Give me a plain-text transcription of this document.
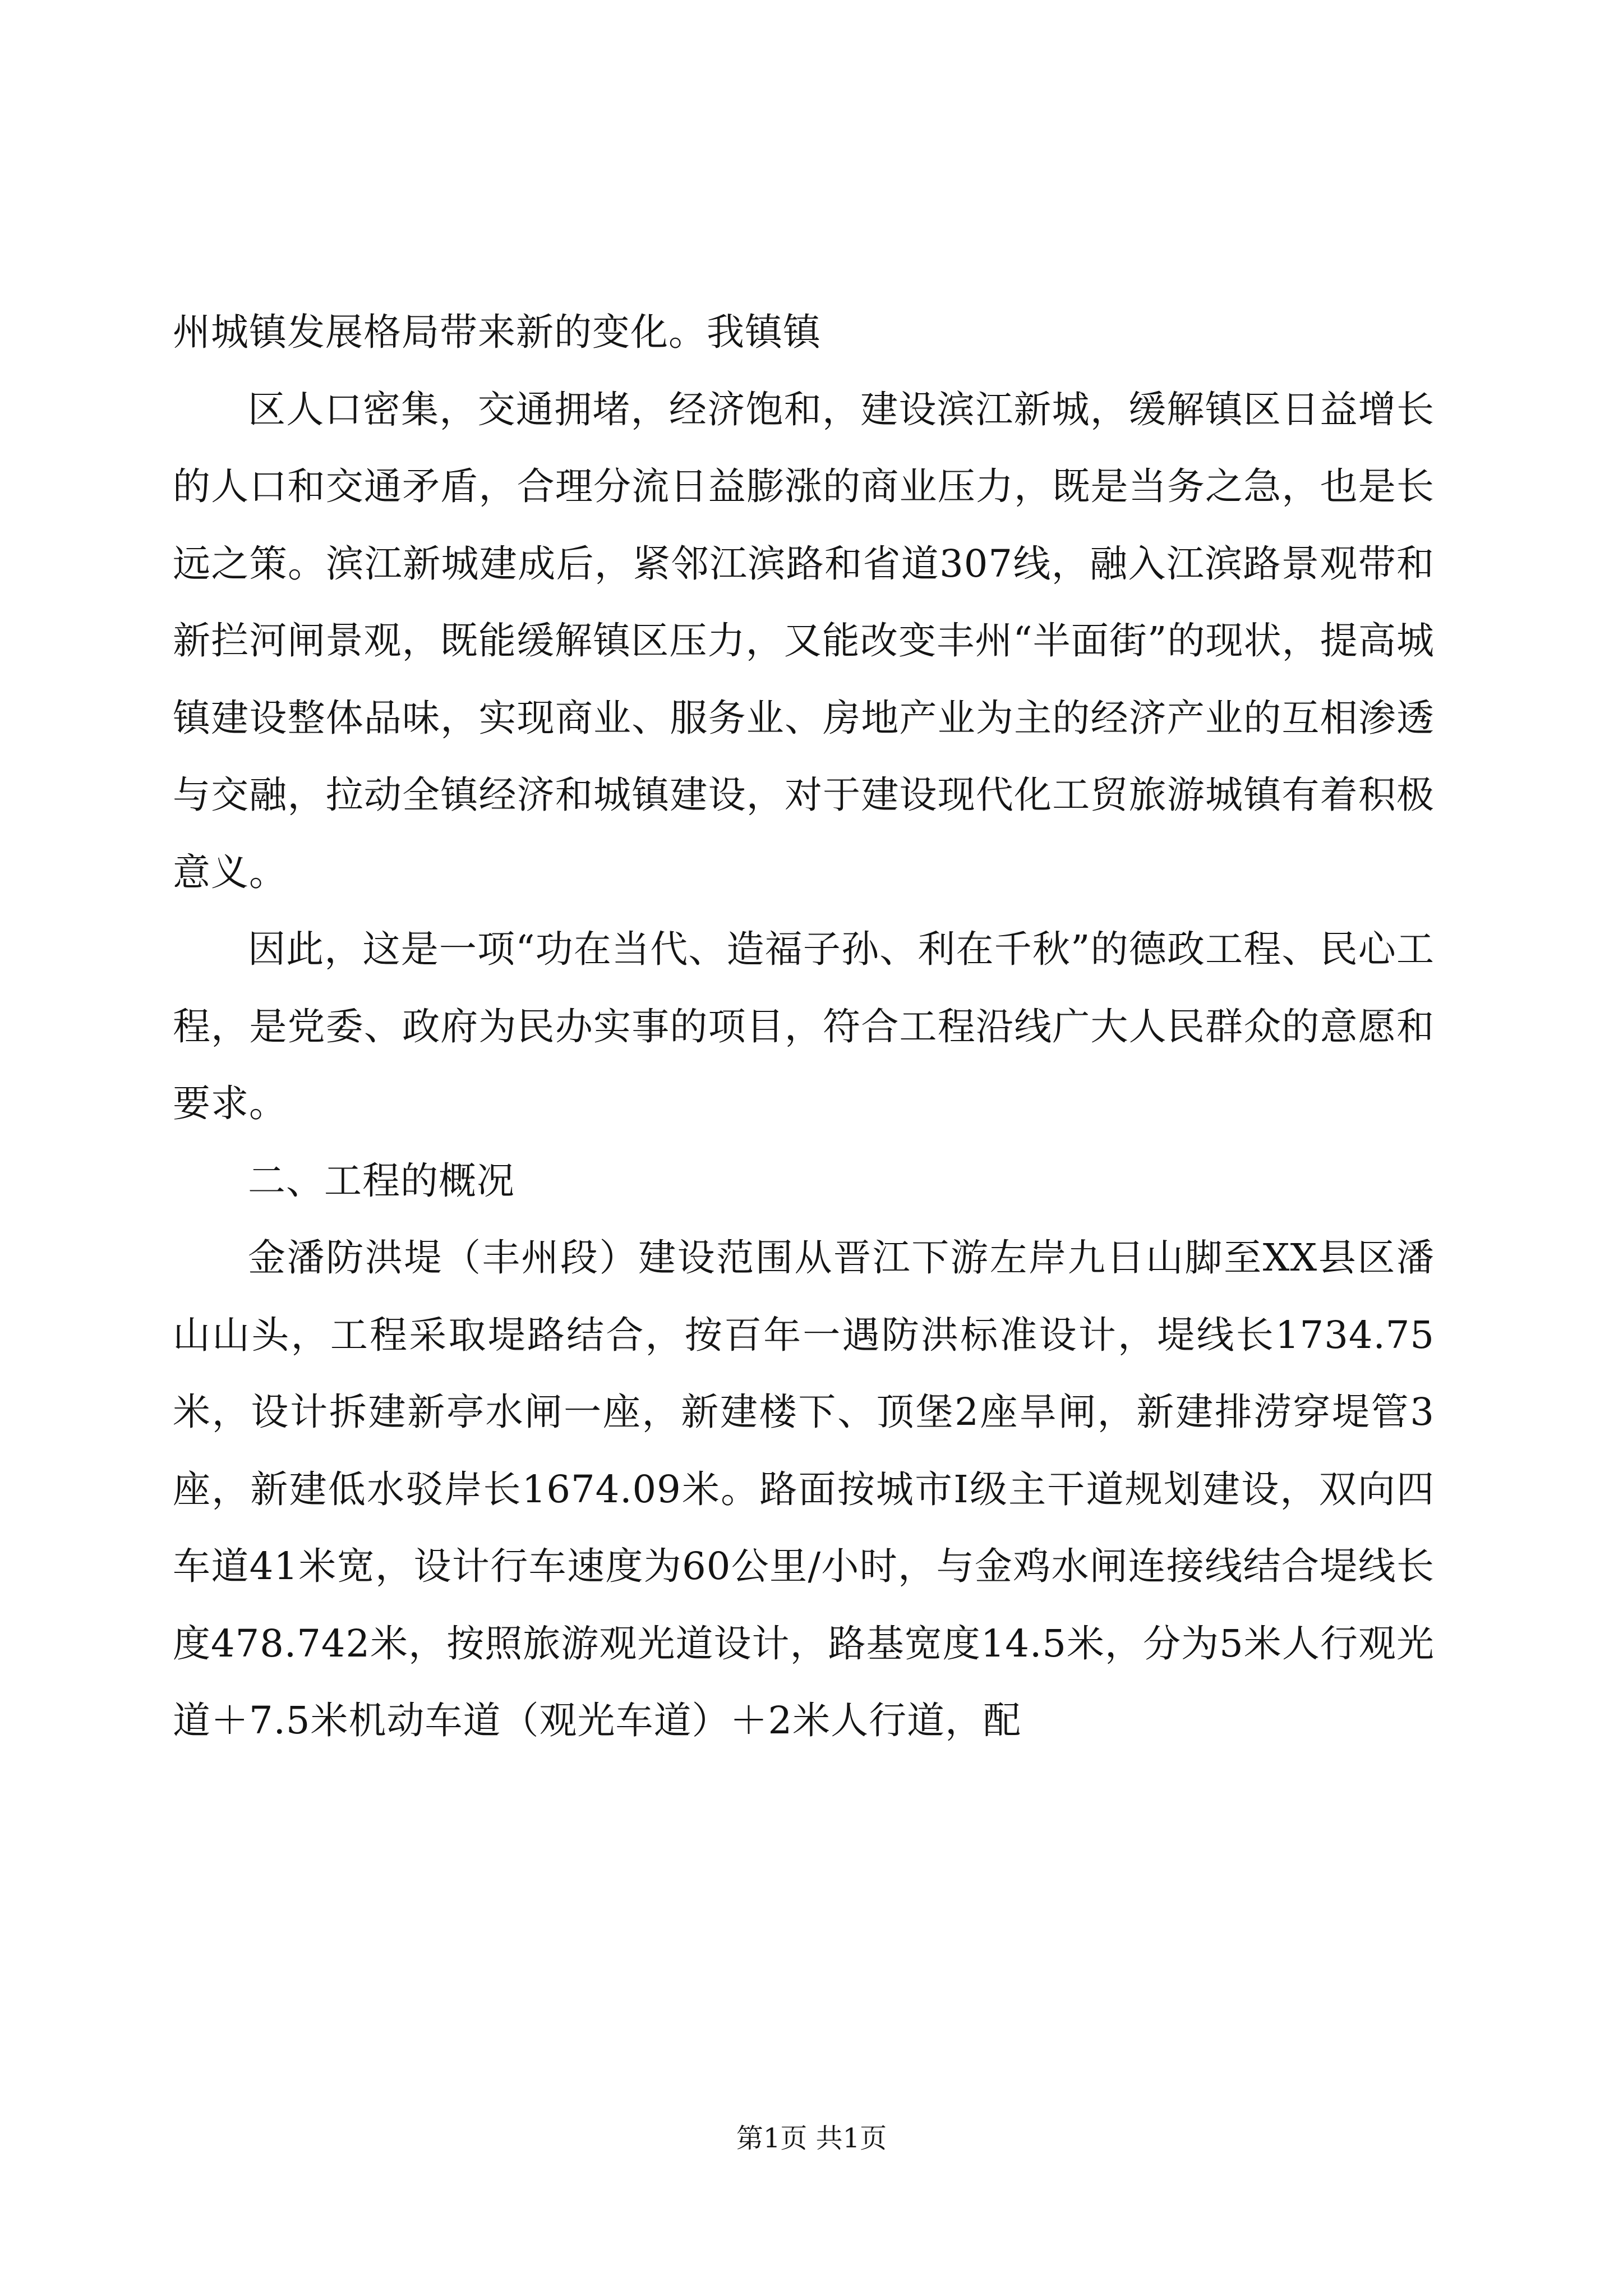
州城镇发展格局带来新的变化。我镇镇

区人口密集，交通拥堵，经济饱和，建设滨江新城，缓解镇区日益增长的人口和交通矛盾，合理分流日益膨涨的商业压力，既是当务之急，也是长远之策。滨江新城建成后，紧邻江滨路和省道307线，融入江滨路景观带和新拦河闸景观，既能缓解镇区压力，又能改变丰州“半面街”的现状，提高城镇建设整体品味，实现商业、服务业、房地产业为主的经济产业的互相渗透与交融，拉动全镇经济和城镇建设，对于建设现代化工贸旅游城镇有着积极意义。

因此，这是一项“功在当代、造福子孙、利在千秋”的德政工程、民心工程，是党委、政府为民办实事的项目，符合工程沿线广大人民群众的意愿和要求。

二、工程的概况

金潘防洪堤（丰州段）建设范围从晋江下游左岸九日山脚至XX县区潘山山头，工程采取堤路结合，按百年一遇防洪标准设计，堤线长1734.75米，设计拆建新亭水闸一座，新建楼下、顶堡2座旱闸，新建排涝穿堤管3座，新建低水驳岸长1674.09米。路面按城市Ⅰ级主干道规划建设，双向四车道41米宽，设计行车速度为60公里/小时，与金鸡水闸连接线结合堤线长度478.742米，按照旅游观光道设计，路基宽度14.5米，分为5米人行观光道＋7.5米机动车道（观光车道）＋2米人行道，配

第1页 共1页
